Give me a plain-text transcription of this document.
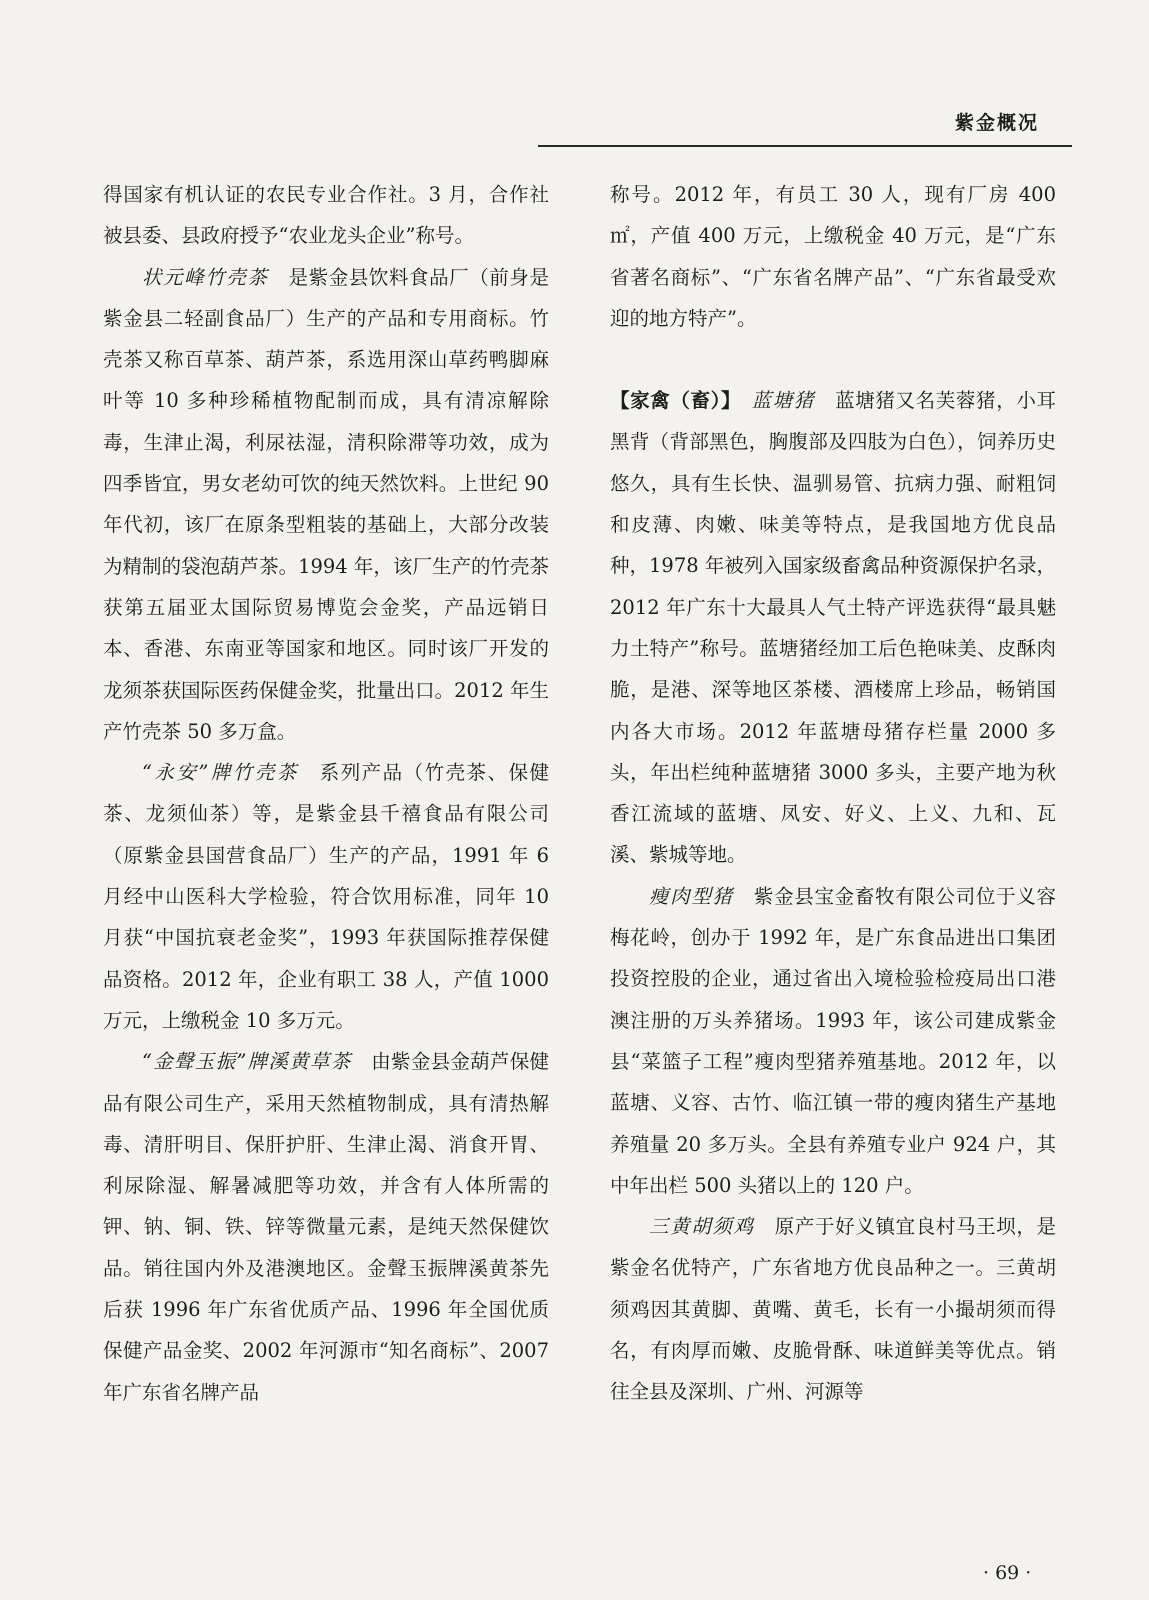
紫金概况

得国家有机认证的农民专业合作社。3 月，合作社被县委、县政府授予“农业龙头企业”称号。

状元峰竹壳茶　 是紫金县饮料食品厂（前身是紫金县二轻副食品厂）生产的产品和专用商标。竹壳茶又称百草茶、葫芦茶，系选用深山草药鸭脚麻叶等 10 多种珍稀植物配制而成，具有清凉解除毒，生津止渴，利尿祛湿，清积除滞等功效，成为四季皆宜，男女老幼可饮的纯天然饮料。上世纪 90 年代初，该厂在原条型粗装的基础上，大部分改装为精制的袋泡葫芦茶。1994 年，该厂生产的竹壳茶获第五届亚太国际贸易博览会金奖，产品远销日本、香港、东南亚等国家和地区。同时该厂开发的龙须茶获国际医药保健金奖，批量出口。2012 年生产竹壳茶 50 多万盒。

“永安”牌竹壳茶　 系列产品（竹壳茶、保健茶、龙须仙茶）等，是紫金县千禧食品有限公司（原紫金县国营食品厂）生产的产品，1991 年 6 月经中山医科大学检验，符合饮用标准，同年 10 月获“中国抗衰老金奖”，1993 年获国际推荐保健品资格。2012 年，企业有职工 38 人，产值 1000 万元，上缴税金 10 多万元。

“金聲玉振”牌溪黄草茶　 由紫金县金葫芦保健品有限公司生产，采用天然植物制成，具有清热解毒、清肝明目、保肝护肝、生津止渴、消食开胃、利尿除湿、解暑减肥等功效，并含有人体所需的钾、钠、铜、铁、锌等微量元素，是纯天然保健饮品。销往国内外及港澳地区。金聲玉振牌溪黄茶先后获 1996 年广东省优质产品、1996 年全国优质保健产品金奖、2002 年河源市“知名商标”、2007 年广东省名牌产品

称号。2012 年，有员工 30 人，现有厂房 400 ㎡，产值 400 万元，上缴税金 40 万元，是“广东省著名商标”、“广东省名牌产品”、“广东省最受欢迎的地方特产”。

【家禽（畜）】　 蓝塘猪　 蓝塘猪又名芙蓉猪，小耳黑背（背部黑色，胸腹部及四肢为白色），饲养历史悠久，具有生长快、温驯易管、抗病力强、耐粗饲和皮薄、肉嫩、味美等特点，是我国地方优良品种，1978 年被列入国家级畜禽品种资源保护名录，2012 年广东十大最具人气土特产评选获得“最具魅力土特产”称号。蓝塘猪经加工后色艳味美、皮酥肉脆，是港、深等地区茶楼、酒楼席上珍品，畅销国内各大市场。2012 年蓝塘母猪存栏量 2000 多头，年出栏纯种蓝塘猪 3000 多头，主要产地为秋香江流域的蓝塘、凤安、好义、上义、九和、瓦溪、紫城等地。

瘦肉型猪　 紫金县宝金畜牧有限公司位于义容梅花岭，创办于 1992 年，是广东食品进出口集团投资控股的企业，通过省出入境检验检疫局出口港澳注册的万头养猪场。1993 年，该公司建成紫金县“菜篮子工程”瘦肉型猪养殖基地。2012 年，以蓝塘、义容、古竹、临江镇一带的瘦肉猪生产基地养殖量 20 多万头。全县有养殖专业户 924 户，其中年出栏 500 头猪以上的 120 户。

三黄胡须鸡　 原产于好义镇宜良村马王坝，是紫金名优特产，广东省地方优良品种之一。三黄胡须鸡因其黄脚、黄嘴、黄毛，长有一小撮胡须而得名，有肉厚而嫩、皮脆骨酥、味道鲜美等优点。销往全县及深圳、广州、河源等

· 69 ·
